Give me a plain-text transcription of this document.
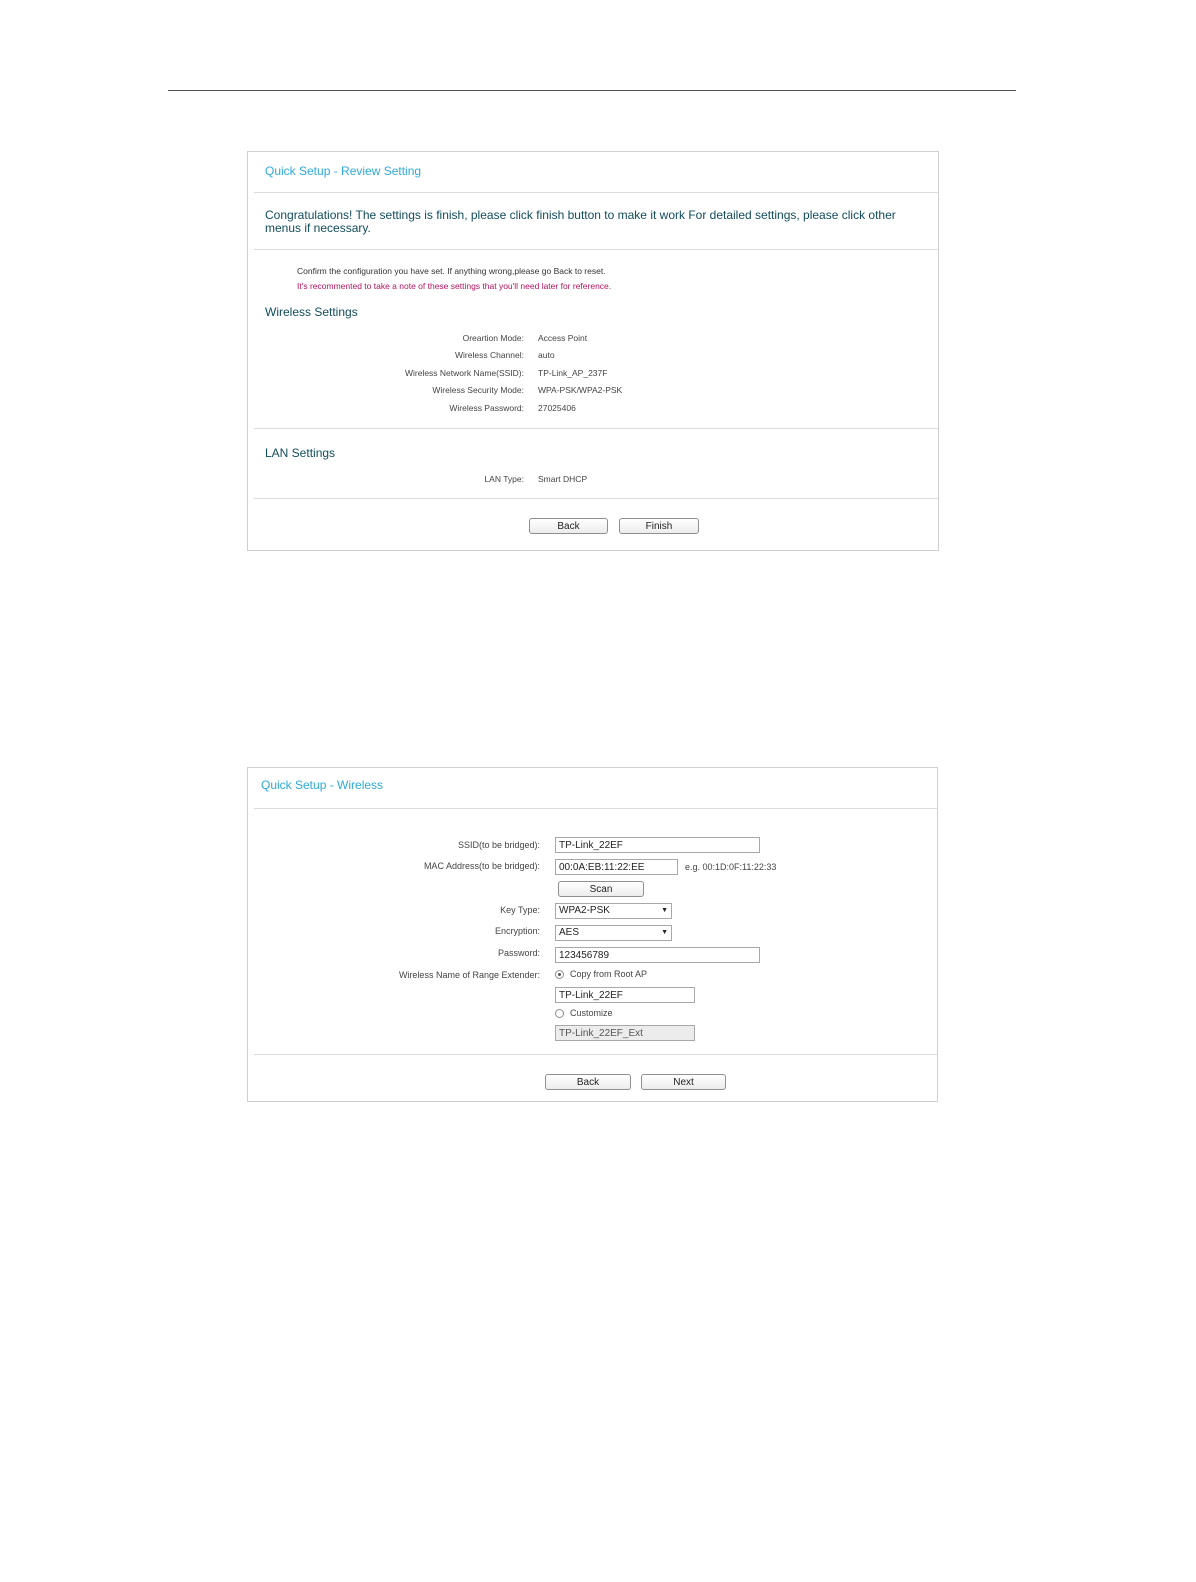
Quick Setup - Review Setting
Congratulations! The settings is finish, please click finish button to make it work For detailed settings, please click other menus if necessary.
Confirm the configuration you have set. If anything wrong,please go Back to reset.
It's recommented to take a note of these settings that you'll need later for reference.
Wireless Settings
Oreartion Mode: Access Point
Wireless Channel: auto
Wireless Network Name(SSID): TP-Link_AP_237F
Wireless Security Mode: WPA-PSK/WPA2-PSK
Wireless Password: 27025406
LAN Settings
LAN Type: Smart DHCP
Back	Finish
Quick Setup - Wireless
SSID(to be bridged):
TP-Link_22EF
MAC Address(to be bridged):
00:0A:EB:11:22:EE	e.g. 00:1D:0F:11:22:33
Scan
Key Type: WPA2-PSK	▼
Encryption: AES	▼
Password:
123456789
Wireless Name of Range Extender:	Copy from Root AP
TP-Link_22EF
Customize
TP-Link_22EF_Ext
Back	Next
